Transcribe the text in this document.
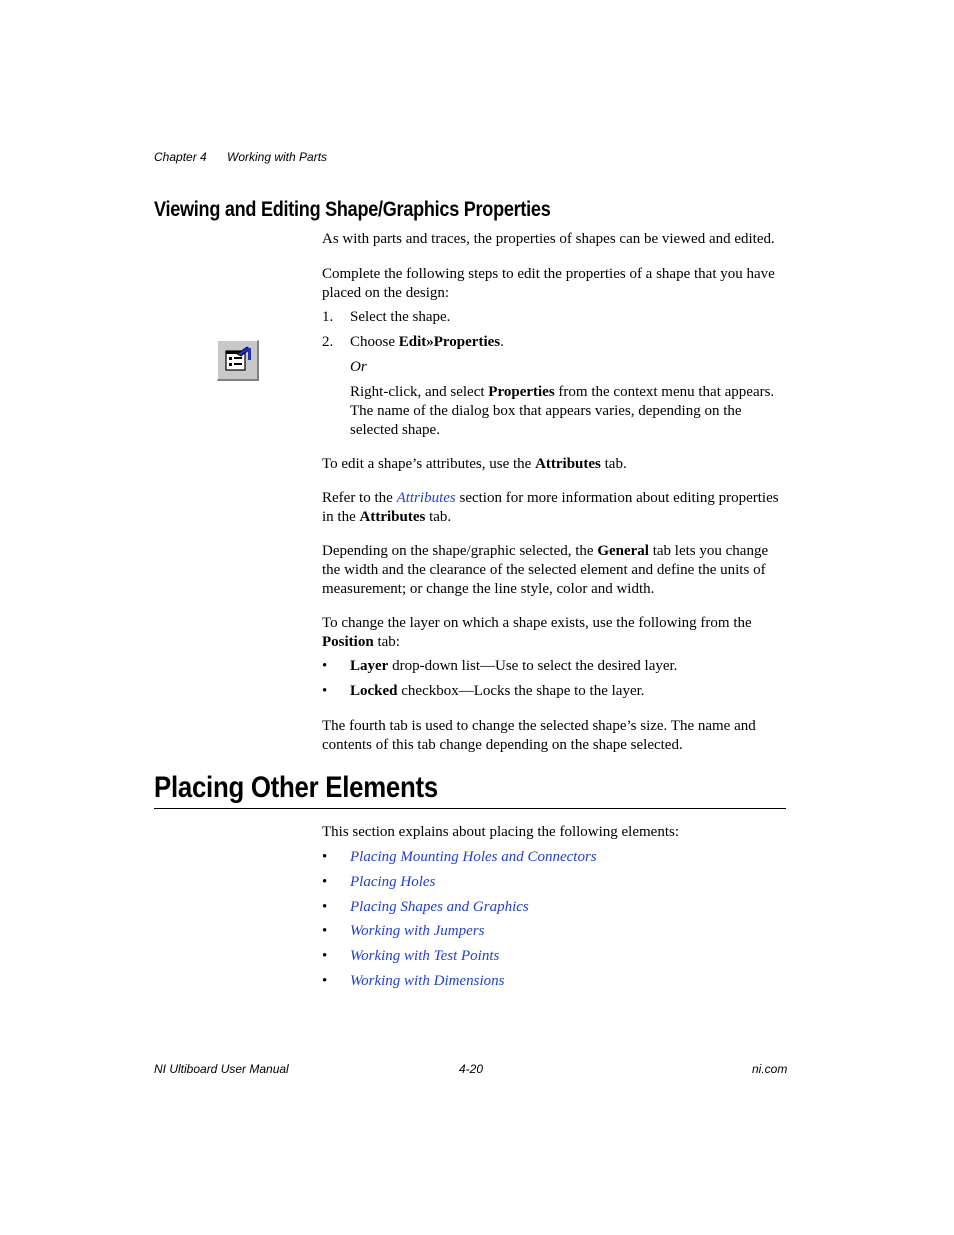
Chapter 4 Working with Parts
Viewing and Editing Shape/Graphics Properties

As with parts and traces, the properties of shapes can be viewed and edited.

Complete the following steps to edit the properties of a shape that you have placed on the design:

1. Select the shape.
2. Choose Edit»Properties.
Or
Right-click, and select Properties from the context menu that appears. The name of the dialog box that appears varies, depending on the selected shape.

To edit a shape’s attributes, use the Attributes tab.

Refer to the Attributes section for more information about editing properties in the Attributes tab.

Depending on the shape/graphic selected, the General tab lets you change the width and the clearance of the selected element and define the units of measurement; or change the line style, color and width.

To change the layer on which a shape exists, use the following from the Position tab:

• Layer drop-down list—Use to select the desired layer.
• Locked checkbox—Locks the shape to the layer.

The fourth tab is used to change the selected shape’s size. The name and contents of this tab change depending on the shape selected.

Placing Other Elements

This section explains about placing the following elements:

• Placing Mounting Holes and Connectors
• Placing Holes
• Placing Shapes and Graphics
• Working with Jumpers
• Working with Test Points
• Working with Dimensions
NI Ultiboard User Manual	4-20	ni.com
